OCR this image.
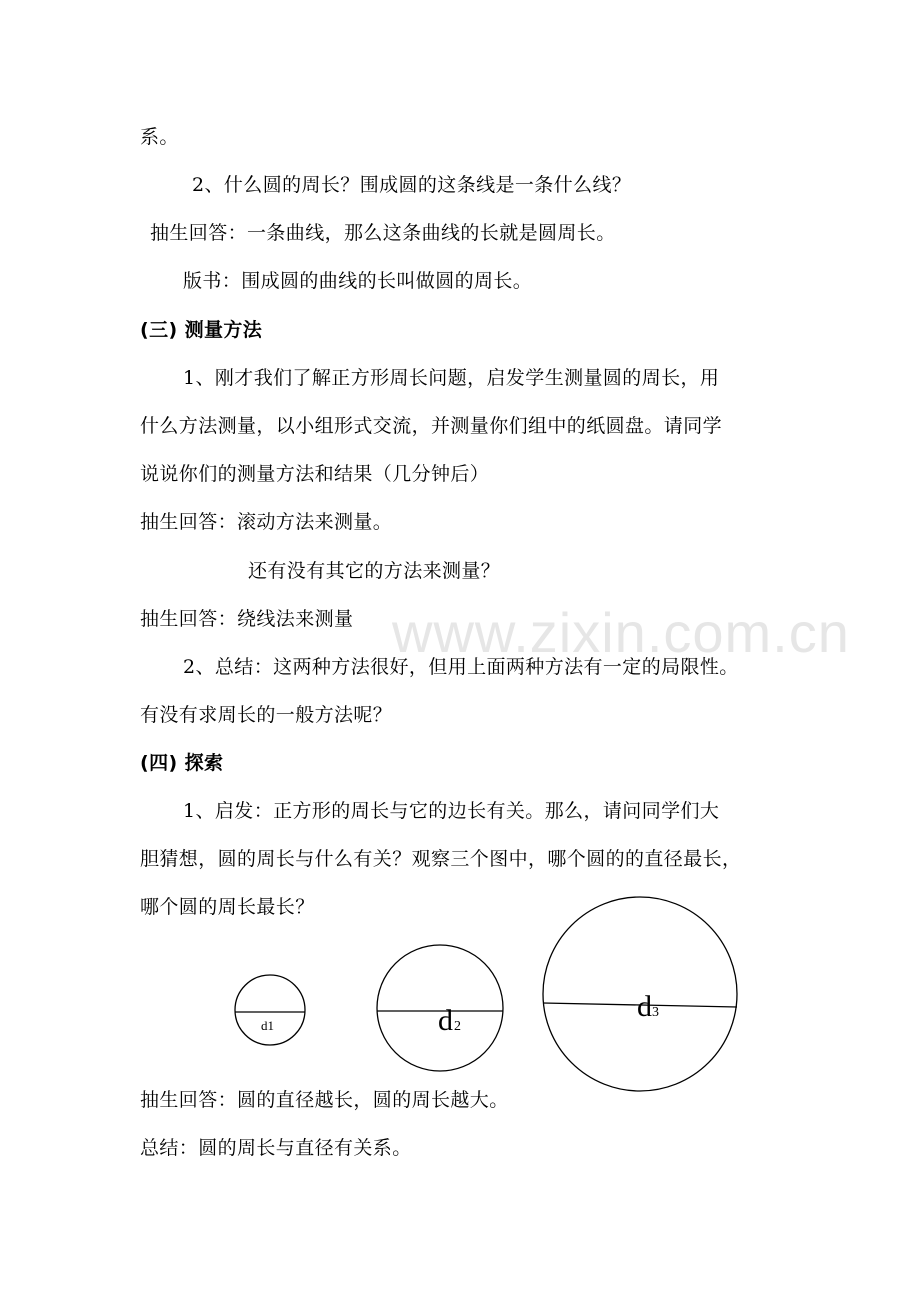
www.zixin.com.cn
系。
2、什么圆的周长？围成圆的这条线是一条什么线？
抽生回答：一条曲线，那么这条曲线的长就是圆周长。
版书：围成圆的曲线的长叫做圆的周长。
(三) 测量方法
1、刚才我们了解正方形周长问题，启发学生测量圆的周长，用
什么方法测量，以小组形式交流，并测量你们组中的纸圆盘。请同学
说说你们的测量方法和结果（几分钟后）
抽生回答：滚动方法来测量。
还有没有其它的方法来测量？
抽生回答：绕线法来测量
2、总结：这两种方法很好，但用上面两种方法有一定的局限性。
有没有求周长的一般方法呢？
(四) 探索
1、启发：正方形的周长与它的边长有关。那么，请问同学们大
胆猜想，圆的周长与什么有关？观察三个图中，哪个圆的的直径最长，
哪个圆的周长最长？
抽生回答：圆的直径越长，圆的周长越大。
总结：圆的周长与直径有关系。
d1	d 2
d 3
